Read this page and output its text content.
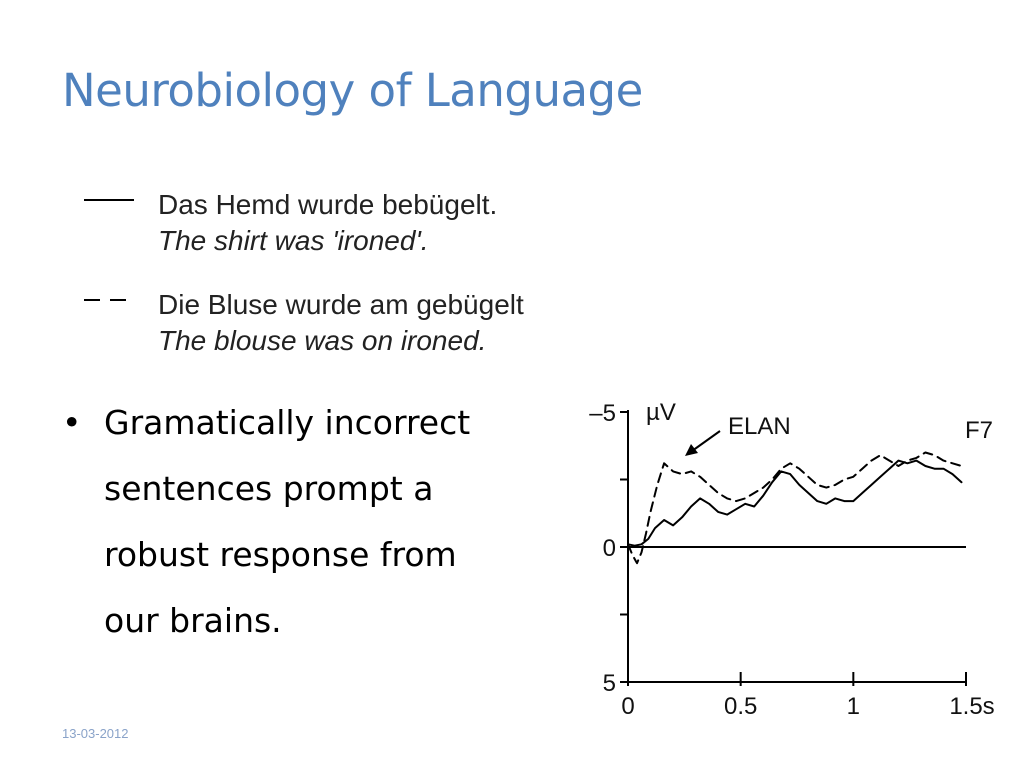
Neurobiology of Language
Das Hemd wurde bebügelt.
The shirt was 'ironed'.
Die Bluse wurde am gebügelt
The blouse was on ironed.
• Gramatically incorrect
sentences prompt a
robust response from
our brains.
–5
0
5
0	0.5	1	1.5s
µV
F7
ELAN
13-03-2012
